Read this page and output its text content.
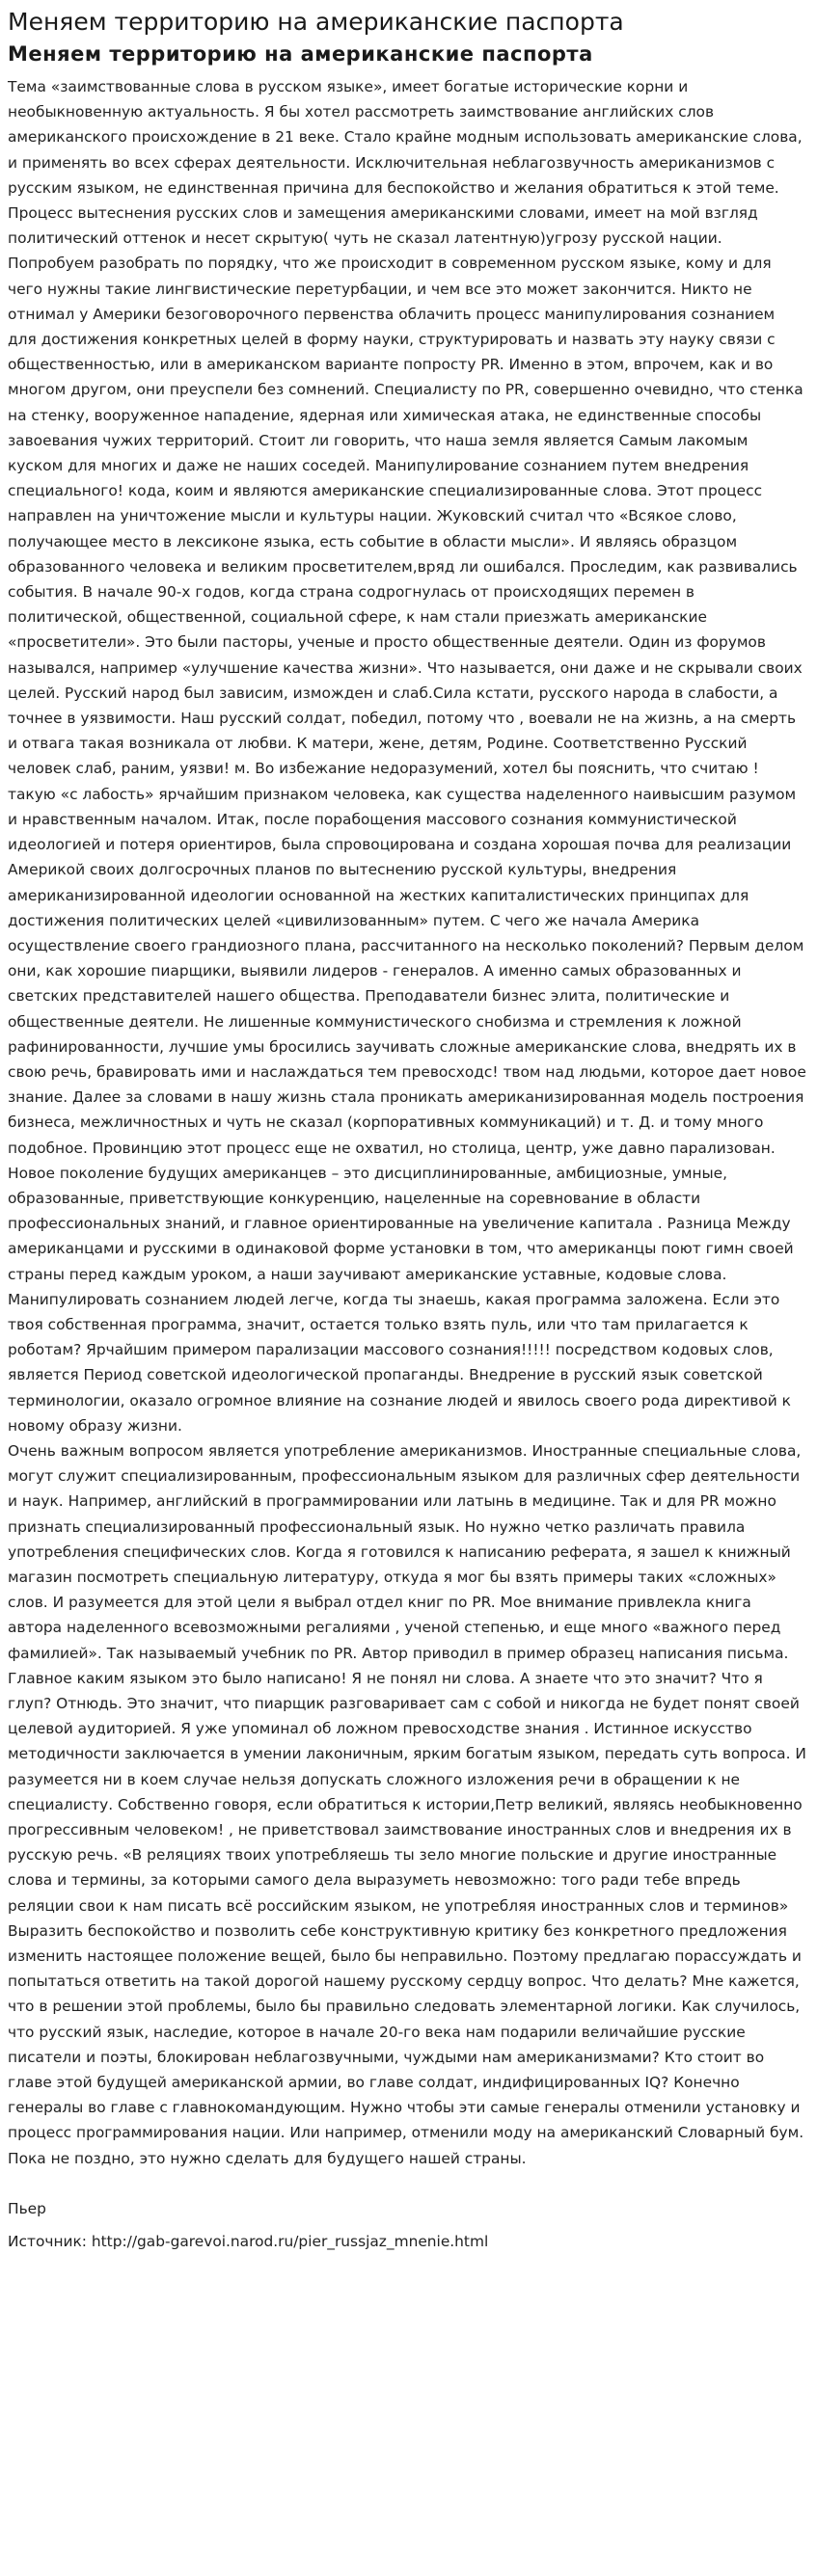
Меняем территорию на американские паспорта
Меняем территорию на американские паспорта

Тема «заимствованные слова в русском языке», имеет богатые исторические корни и необыкновенную актуальность. Я бы хотел рассмотреть заимствование английских слов американского происхождение в 21 веке. Стало крайне модным использовать американские слова, и применять во всех сферах деятельности. Исключительная неблагозвучность американизмов с русским языком, не единственная причина для беспокойство и желания обратиться к этой теме.

Процесс вытеснения русских слов и замещения американскими словами, имеет на мой взгляд политический оттенок и несет скрытую( чуть не сказал латентную)угрозу русской нации. Попробуем разобрать по порядку, что же происходит в современном русском языке, кому и для чего нужны такие лингвистические перетурбации, и чем все это может закончится. Никто не отнимал у Америки безоговорочного первенства облачить процесс манипулирования сознанием для достижения конкретных целей в форму науки, структурировать и назвать эту науку связи с общественностью, или в американском варианте попросту PR. Именно в этом, впрочем, как и во многом другом, они преуспели без сомнений. Специалисту по PR, совершенно очевидно, что стенка на стенку, вооруженное нападение, ядерная или химическая атака, не единственные способы завоевания чужих территорий. Стоит ли говорить, что наша земля является Самым лакомым куском для многих и даже не наших соседей. Манипулирование сознанием путем внедрения специального! кода, коим и являются американские специализированные слова. Этот процесс направлен на уничтожение мысли и культуры нации. Жуковский считал что «Всякое слово, получающее место в лексиконе языка, есть событие в области мысли». И являясь образцом образованного человека и великим просветителем,вряд ли ошибался. Проследим, как развивались события. В начале 90-х годов, когда страна содрогнулась от происходящих перемен в политической, общественной, социальной сфере, к нам стали приезжать американские «просветители». Это были пасторы, ученые и просто общественные деятели. Один из форумов назывался, например «улучшение качества жизни». Что называется, они даже и не скрывали своих целей. Русский народ был зависим, изможден и слаб.Сила кстати, русского народа в слабости, а точнее в уязвимости. Наш русский солдат, победил, потому что , воевали не на жизнь, а на смерть и отвага такая возникала от любви. К матери, жене, детям, Родине. Соответственно Русский человек слаб, раним, уязви! м. Во избежание недоразумений, хотел бы пояснить, что считаю ! такую «с лабость» ярчайшим признаком человека, как существа наделенного наивысшим разумом и нравственным началом. Итак, после порабощения массового сознания коммунистической идеологией и потеря ориентиров, была спровоцирована и создана хорошая почва для реализации Америкой своих долгосрочных планов по вытеснению русской культуры, внедрения американизированной идеологии основанной на жестких капиталистических принципах для достижения политических целей «цивилизованным» путем. С чего же начала Америка осуществление своего грандиозного плана, рассчитанного на несколько поколений? Первым делом они, как хорошие пиарщики, выявили лидеров - генералов. А именно самых образованных и светских представителей нашего общества. Преподаватели бизнес элита, политические и общественные деятели. Не лишенные коммунистического снобизма и стремления к ложной рафинированности, лучшие умы бросились заучивать сложные американские слова, внедрять их в свою речь, бравировать ими и наслаждаться тем превосходс! твом над людьми, которое дает новое знание. Далее за словами в нашу жизнь стала проникать американизированная модель построения бизнеса, межличностных и чуть не сказал (корпоративных коммуникаций) и т. Д. и тому много подобное. Провинцию этот процесс еще не охватил, но столица, центр, уже давно парализован.

Новое поколение будущих американцев – это дисциплинированные, амбициозные, умные, образованные, приветствующие конкуренцию, нацеленные на соревнование в области профессиональных знаний, и главное ориентированные на увеличение капитала . Разница Между американцами и русскими в одинаковой форме установки в том, что американцы поют гимн своей страны перед каждым уроком, а наши заучивают американские уставные, кодовые слова. Манипулировать сознанием людей легче, когда ты знаешь, какая программа заложена. Если это твоя собственная программа, значит, остается только взять пуль, или что там прилагается к роботам? Ярчайшим примером парализации массового сознания!!!!! посредством кодовых слов, является Период советской идеологической пропаганды. Внедрение в русский язык советской терминологии, оказало огромное влияние на сознание людей и явилось своего рода директивой к новому образу жизни.

Очень важным вопросом является употребление американизмов. Иностранные специальные слова, могут служит специализированным, профессиональным языком для различных сфер деятельности и наук. Например, английский в программировании или латынь в медицине. Так и для PR можно признать специализированный профессиональный язык. Но нужно четко различать правила употребления специфических слов. Когда я готовился к написанию реферата, я зашел к книжный магазин посмотреть специальную литературу, откуда я мог бы взять примеры таких «сложных» слов. И разумеется для этой цели я выбрал отдел книг по PR. Мое внимание привлекла книга автора наделенного всевозможными регалиями , ученой степенью, и еще много «важного перед фамилией». Так называемый учебник по PR. Автор приводил в пример образец написания письма. Главное каким языком это было написано! Я не понял ни слова. А знаете что это значит? Что я глуп? Отнюдь. Это значит, что пиарщик разговаривает сам с собой и никогда не будет понят своей целевой аудиторией. Я уже упоминал об ложном превосходстве знания . Истинное искусство методичности заключается в умении лаконичным, ярким богатым языком, передать суть вопроса. И разумеется ни в коем случае нельзя допускать сложного изложения речи в обращении к не специалисту. Собственно говоря, если обратиться к истории,Петр великий, являясь необыкновенно прогрессивным человеком! , не приветствовал заимствование иностранных слов и внедрения их в русскую речь. «В реляциях твоих употребляешь ты зело многие польские и другие иностранные слова и термины, за которыми самого дела выразуметь невозможно: того ради тебе впредь реляции свои к нам писать всё российским языком, не употребляя иностранных слов и терминов» Выразить беспокойство и позволить себе конструктивную критику без конкретного предложения изменить настоящее положение вещей, было бы неправильно. Поэтому предлагаю порассуждать и попытаться ответить на такой дорогой нашему русскому сердцу вопрос. Что делать? Мне кажется, что в решении этой проблемы, было бы правильно следовать элементарной логики. Как случилось, что русский язык, наследие, которое в начале 20-го века нам подарили величайшие русские писатели и поэты, блокирован неблагозвучными, чуждыми нам американизмами? Кто стоит во главе этой будущей американской армии, во главе солдат, индифицированных IQ? Конечно генералы во главе с главнокомандующим. Нужно чтобы эти самые генералы отменили установку и процесс программирования нации. Или например, отменили моду на американский Словарный бум. Пока не поздно, это нужно сделать для будущего нашей страны.

Пьер

Источник: http://gab-garevoi.narod.ru/pier_russjaz_mnenie.html
